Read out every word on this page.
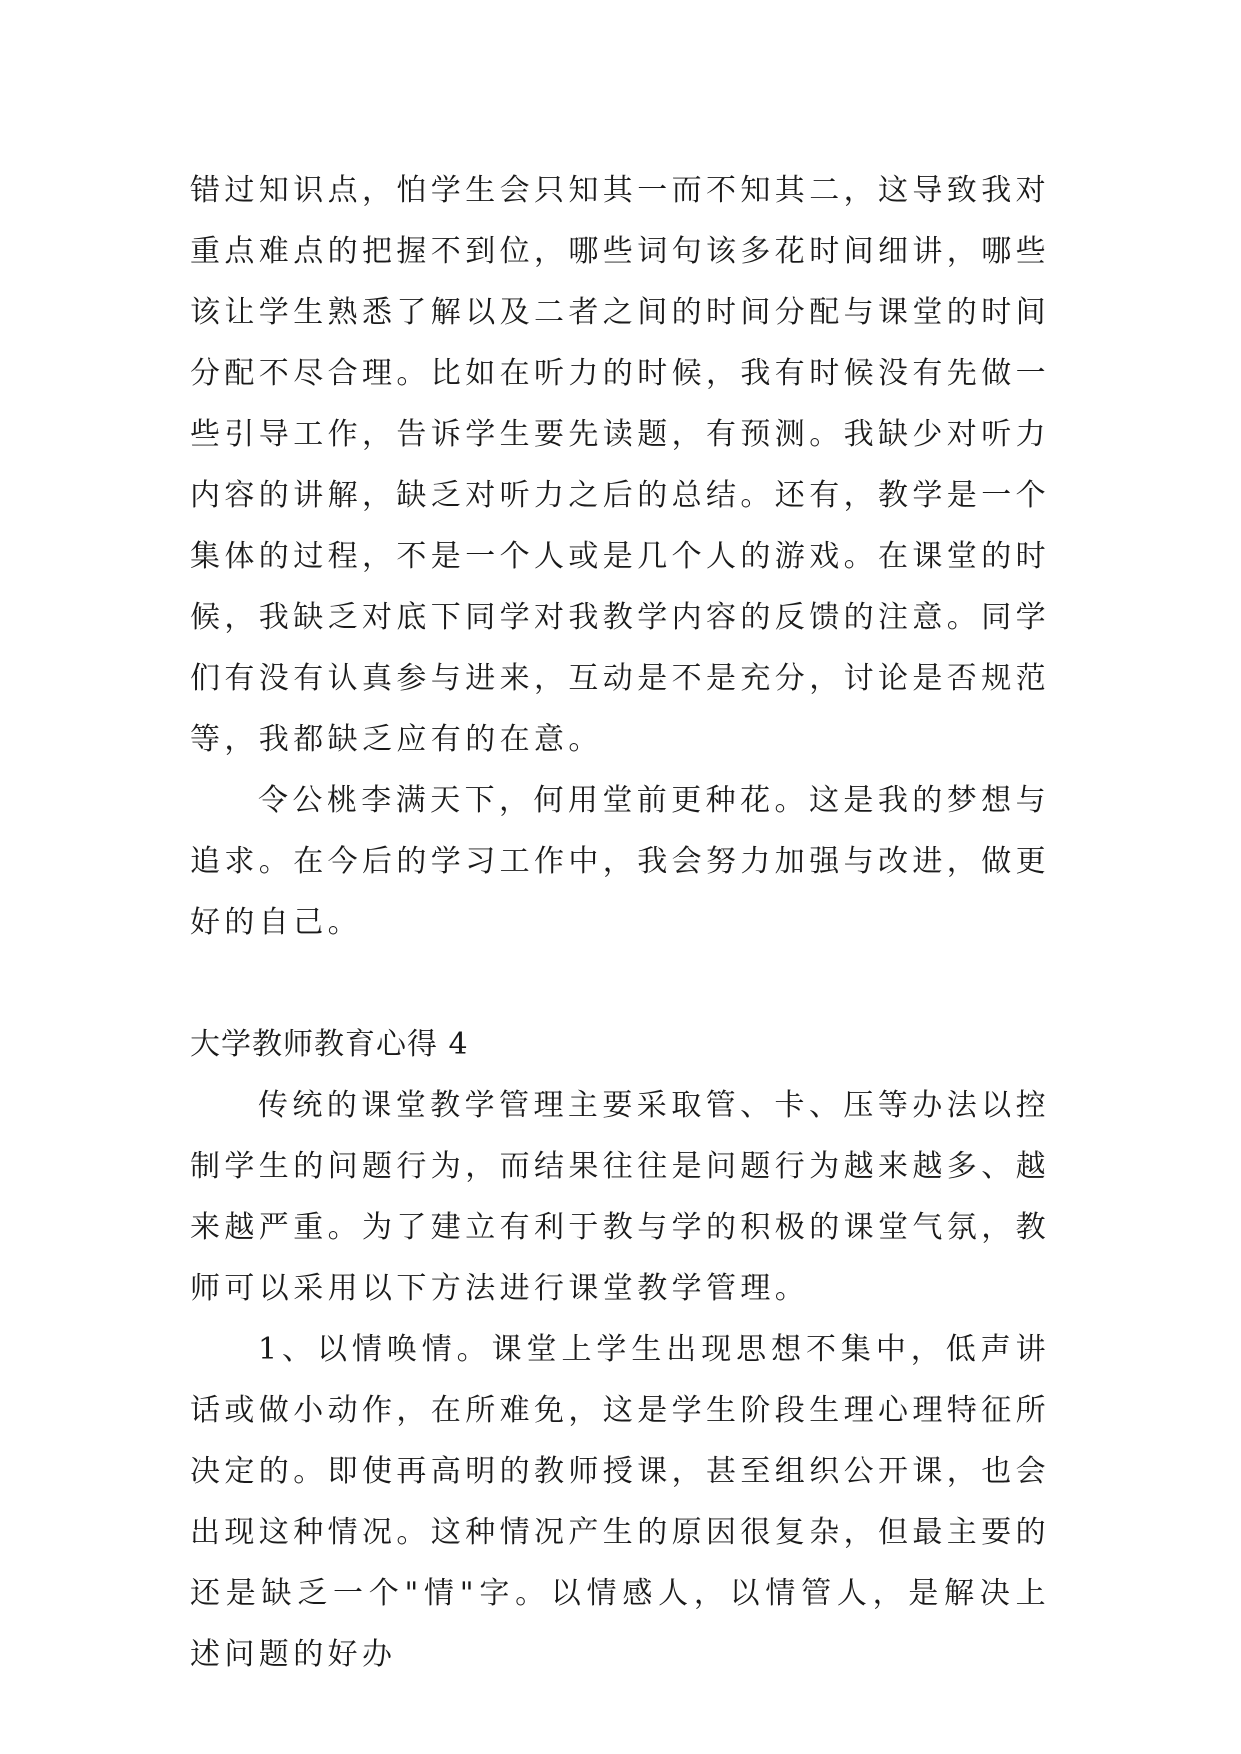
错过知识点，怕学生会只知其一而不知其二，这导致我对重点难点的把握不到位，哪些词句该多花时间细讲，哪些该让学生熟悉了解以及二者之间的时间分配与课堂的时间分配不尽合理。比如在听力的时候，我有时候没有先做一些引导工作，告诉学生要先读题，有预测。我缺少对听力内容的讲解，缺乏对听力之后的总结。还有，教学是一个集体的过程，不是一个人或是几个人的游戏。在课堂的时候，我缺乏对底下同学对我教学内容的反馈的注意。同学们有没有认真参与进来，互动是不是充分，讨论是否规范等，我都缺乏应有的在意。

令公桃李满天下，何用堂前更种花。这是我的梦想与追求。在今后的学习工作中，我会努力加强与改进，做更好的自己。

大学教师教育心得 4

传统的课堂教学管理主要采取管、卡、压等办法以控制学生的问题行为，而结果往往是问题行为越来越多、越来越严重。为了建立有利于教与学的积极的课堂气氛，教师可以采用以下方法进行课堂教学管理。

1、以情唤情。课堂上学生出现思想不集中，低声讲话或做小动作，在所难免，这是学生阶段生理心理特征所决定的。即使再高明的教师授课，甚至组织公开课，也会出现这种情况。这种情况产生的原因很复杂，但最主要的还是缺乏一个"情"字。以情感人，以情管人，是解决上述问题的好办
